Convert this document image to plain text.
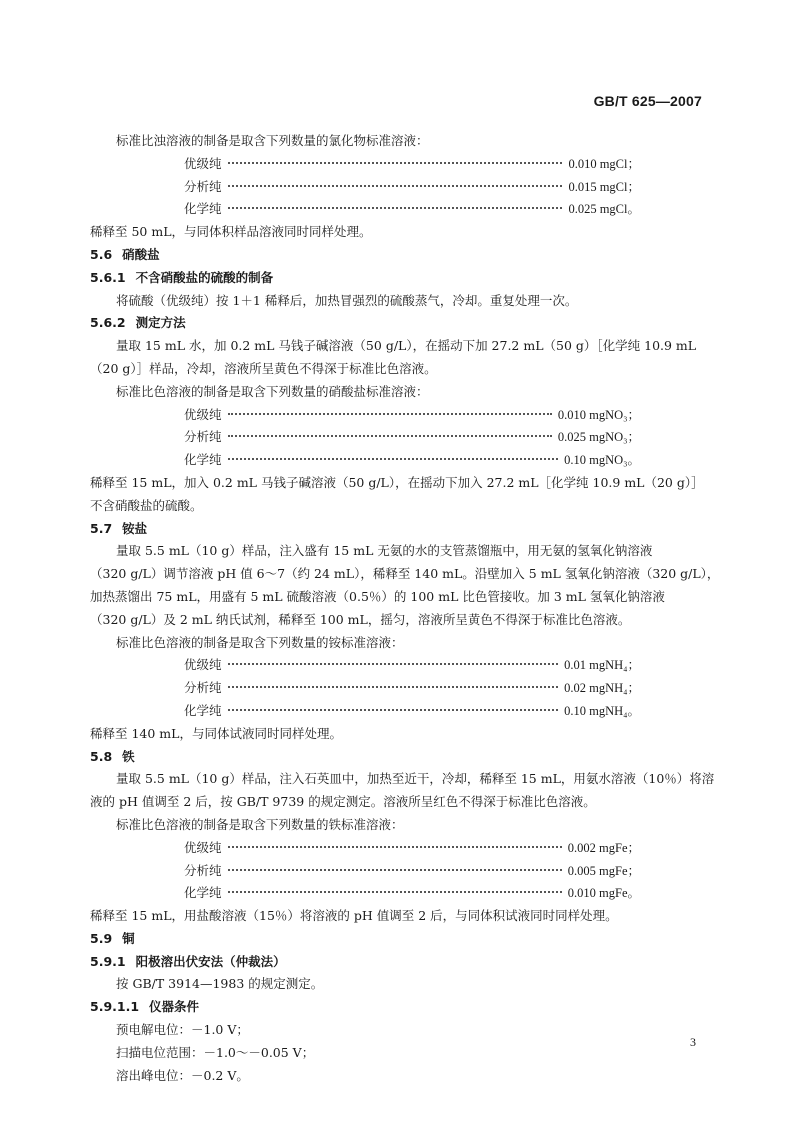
GB/T 625—2007

标准比浊溶液的制备是取含下列数量的氯化物标准溶液：

优级纯	0.010 mgCl；
分析纯	0.015 mgCl；
化学纯	0.025 mgCl。

稀释至 50 mL，与同体积样品溶液同时同样处理。

5.6 硝酸盐
5.6.1 不含硝酸盐的硫酸的制备

将硫酸（优级纯）按 1＋1 稀释后，加热冒强烈的硫酸蒸气，冷却。重复处理一次。

5.6.2 测定方法

量取 15 mL 水，加 0.2 mL 马钱子碱溶液（50 g/L），在摇动下加 27.2 mL（50 g）［化学纯 10.9 mL

（20 g）］样品，冷却，溶液所呈黄色不得深于标准比色溶液。

标准比色溶液的制备是取含下列数量的硝酸盐标准溶液：

优级纯	0.010 mgNO₃；
分析纯	0.025 mgNO₃；
化学纯	0.10 mgNO₃。

稀释至 15 mL，加入 0.2 mL 马钱子碱溶液（50 g/L），在摇动下加入 27.2 mL［化学纯 10.9 mL（20 g）］

不含硝酸盐的硫酸。

5.7 铵盐

量取 5.5 mL（10 g）样品，注入盛有 15 mL 无氨的水的支管蒸馏瓶中，用无氨的氢氧化钠溶液

（320 g/L）调节溶液 pH 值 6～7（约 24 mL），稀释至 140 mL。沿壁加入 5 mL 氢氧化钠溶液（320 g/L），

加热蒸馏出 75 mL，用盛有 5 mL 硫酸溶液（0.5％）的 100 mL 比色管接收。加 3 mL 氢氧化钠溶液

（320 g/L）及 2 mL 纳氏试剂，稀释至 100 mL，摇匀，溶液所呈黄色不得深于标准比色溶液。

标准比色溶液的制备是取含下列数量的铵标准溶液：

优级纯	0.01 mgNH₄；
分析纯	0.02 mgNH₄；
化学纯	0.10 mgNH₄。

稀释至 140 mL，与同体试液同时同样处理。

5.8 铁

量取 5.5 mL（10 g）样品，注入石英皿中，加热至近干，冷却，稀释至 15 mL，用氨水溶液（10％）将溶

液的 pH 值调至 2 后，按 GB/T 9739 的规定测定。溶液所呈红色不得深于标准比色溶液。

标准比色溶液的制备是取含下列数量的铁标准溶液：

优级纯	0.002 mgFe；
分析纯	0.005 mgFe；
化学纯	0.010 mgFe。

稀释至 15 mL，用盐酸溶液（15％）将溶液的 pH 值调至 2 后，与同体积试液同时同样处理。

5.9 铜
5.9.1 阳极溶出伏安法（仲裁法）

按 GB/T 3914—1983 的规定测定。

5.9.1.1 仪器条件

预电解电位：－1.0 V；

扫描电位范围：－1.0～－0.05 V；

溶出峰电位：－0.2 V。

3
